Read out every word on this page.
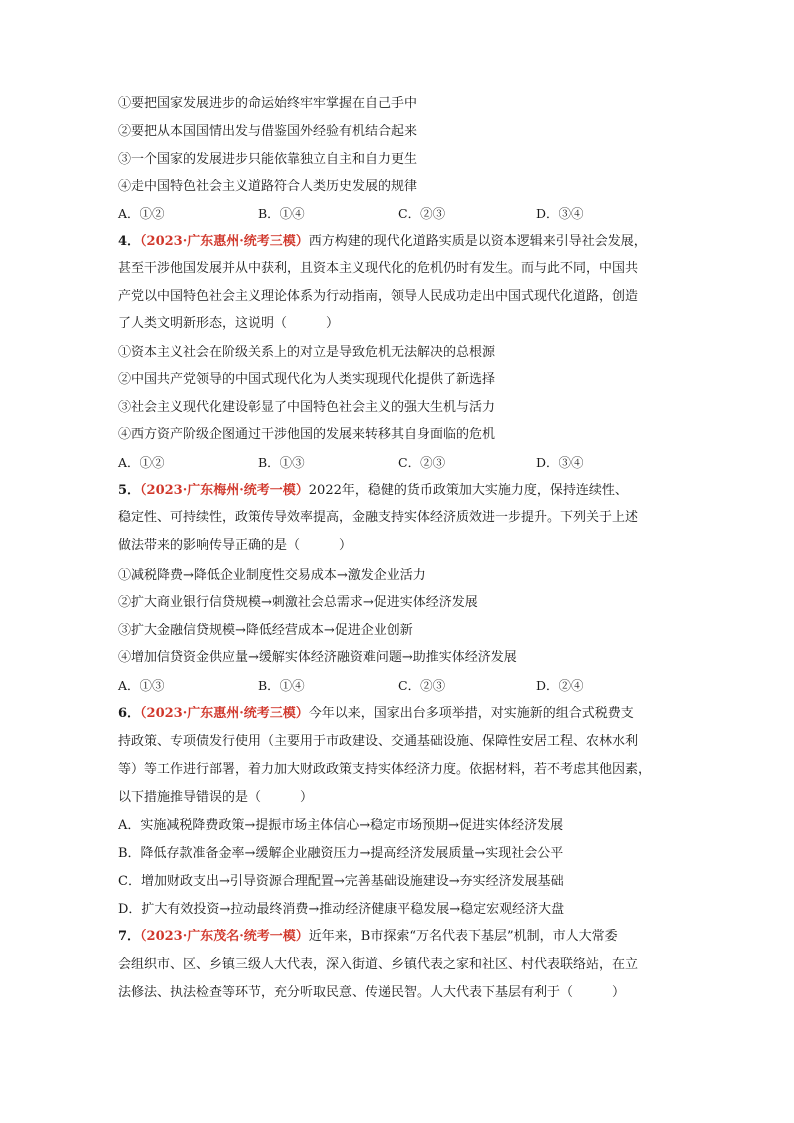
①要把国家发展进步的命运始终牢牢掌握在自己手中
②要把从本国国情出发与借鉴国外经验有机结合起来
③一个国家的发展进步只能依靠独立自主和自力更生
④走中国特色社会主义道路符合人类历史发展的规律
A．①②	B．①④	C．②③	D．③④
4．（2023·广东惠州·统考三模）西方构建的现代化道路实质是以资本逻辑来引导社会发展，
甚至干涉他国发展并从中获利，且资本主义现代化的危机仍时有发生。而与此不同，中国共
产党以中国特色社会主义理论体系为行动指南，领导人民成功走出中国式现代化道路，创造
了人类文明新形态，这说明（　　　）
①资本主义社会在阶级关系上的对立是导致危机无法解决的总根源
②中国共产党领导的中国式现代化为人类实现现代化提供了新选择
③社会主义现代化建设彰显了中国特色社会主义的强大生机与活力
④西方资产阶级企图通过干涉他国的发展来转移其自身面临的危机
A．①②	B．①③	C．②③	D．③④
5．（2023·广东梅州·统考一模）2022年，稳健的货币政策加大实施力度，保持连续性、
稳定性、可持续性，政策传导效率提高，金融支持实体经济质效进一步提升。下列关于上述
做法带来的影响传导正确的是（　　　）
①减税降费→降低企业制度性交易成本→激发企业活力
②扩大商业银行信贷规模→刺激社会总需求→促进实体经济发展
③扩大金融信贷规模→降低经营成本→促进企业创新
④增加信贷资金供应量→缓解实体经济融资难问题→助推实体经济发展
A．①③	B．①④	C．②③	D．②④
6．（2023·广东惠州·统考三模）今年以来，国家出台多项举措，对实施新的组合式税费支
持政策、专项债发行使用（主要用于市政建设、交通基础设施、保障性安居工程、农林水利
等）等工作进行部署，着力加大财政政策支持实体经济力度。依据材料，若不考虑其他因素，
以下措施推导错误的是（　　　）
A．实施减税降费政策→提振市场主体信心→稳定市场预期→促进实体经济发展
B．降低存款准备金率→缓解企业融资压力→提高经济发展质量→实现社会公平
C．增加财政支出→引导资源合理配置→完善基础设施建设→夯实经济发展基础
D．扩大有效投资→拉动最终消费→推动经济健康平稳发展→稳定宏观经济大盘
7．（2023·广东茂名·统考一模）近年来，B市探索“万名代表下基层”机制，市人大常委
会组织市、区、乡镇三级人大代表，深入街道、乡镇代表之家和社区、村代表联络站，在立
法修法、执法检查等环节，充分听取民意、传递民智。人大代表下基层有利于（　　　）
